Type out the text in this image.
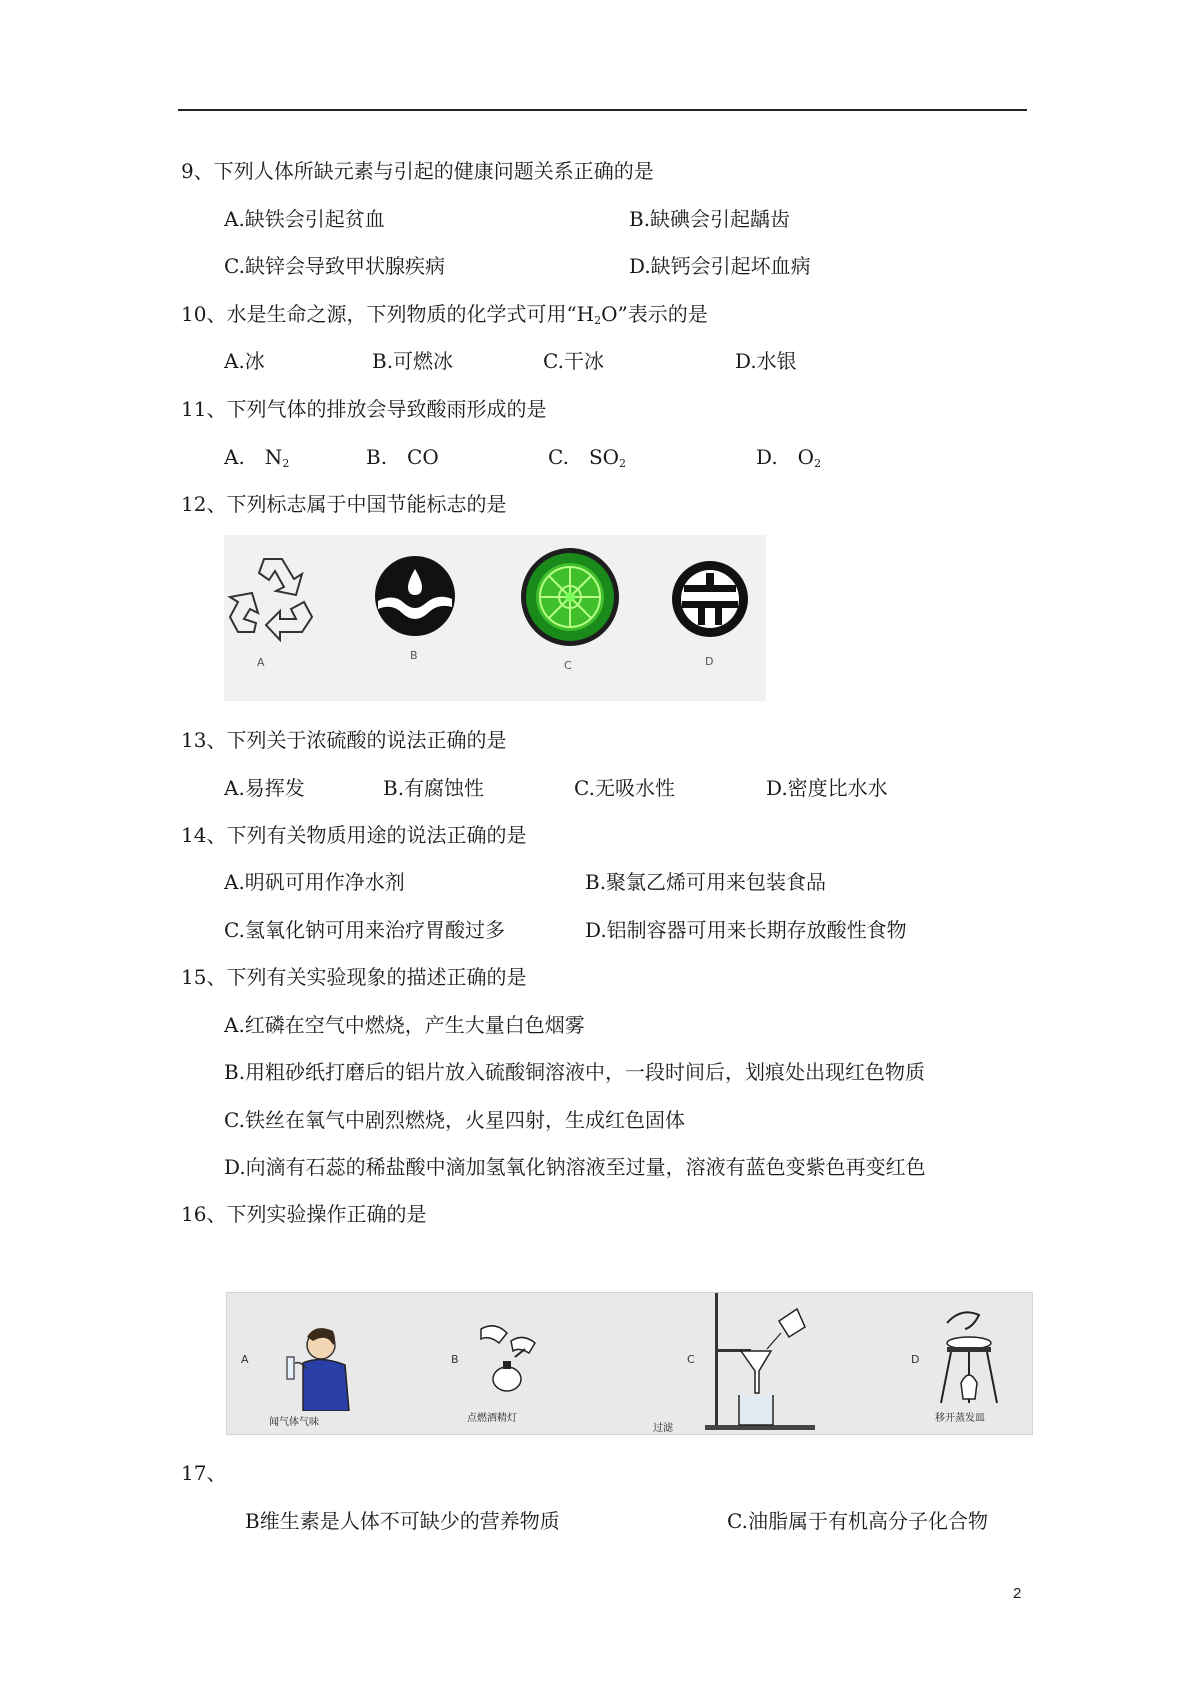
9、下列人体所缺元素与引起的健康问题关系正确的是
A.缺铁会引起贫血	B.缺碘会引起龋齿
C.缺锌会导致甲状腺疾病	D.缺钙会引起坏血病
10、水是生命之源，下列物质的化学式可用“$H_2O$”表示的是
A.冰	B.可燃冰	C.干冰	D.水银
11、下列气体的排放会导致酸雨形成的是
A.　$N_2$	B.　CO	C.　$SO_2$	D.　$O_2$
12、下列标志属于中国节能标志的是
A
B
C	D
13、下列关于浓硫酸的说法正确的是
A.易挥发	B.有腐蚀性	C.无吸水性	D.密度比水水
14、下列有关物质用途的说法正确的是
A.明矾可用作净水剂	B.聚氯乙烯可用来包装食品
C.氢氧化钠可用来治疗胃酸过多	D.铝制容器可用来长期存放酸性食物
15、下列有关实验现象的描述正确的是
A.红磷在空气中燃烧，产生大量白色烟雾
B.用粗砂纸打磨后的铝片放入硫酸铜溶液中，一段时间后，划痕处出现红色物质
C.铁丝在氧气中剧烈燃烧，火星四射，生成红色固体
D.向滴有石蕊的稀盐酸中滴加氢氧化钠溶液至过量，溶液有蓝色变紫色再变红色
16、下列实验操作正确的是
A
闻气体气味
B
点燃酒精灯
C
过滤
D
移开蒸发皿
17、
B维生素是人体不可缺少的营养物质	C.油脂属于有机高分子化合物
2
